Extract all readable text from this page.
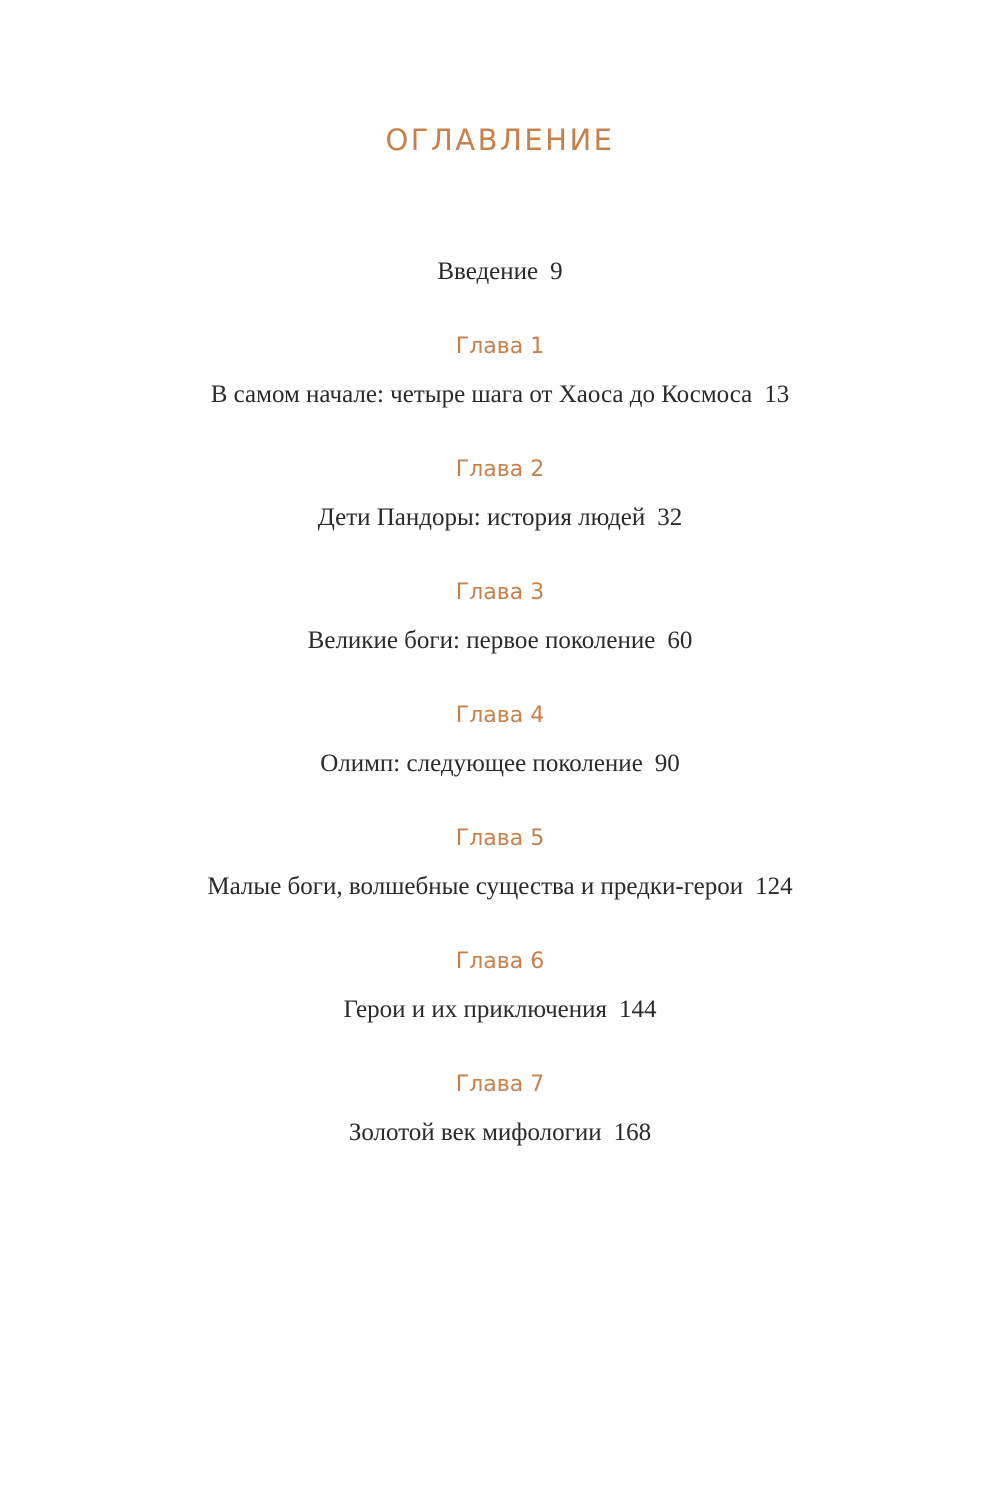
ОГЛАВЛЕНИЕ
Введение 9
Глава 1
В самом начале: четыре шага от Хаоса до Космоса 13
Глава 2
Дети Пандоры: история людей 32
Глава 3
Великие боги: первое поколение 60
Глава 4
Олимп: следующее поколение 90
Глава 5
Малые боги, волшебные существа и предки-герои 124
Глава 6
Герои и их приключения 144
Глава 7
Золотой век мифологии 168
